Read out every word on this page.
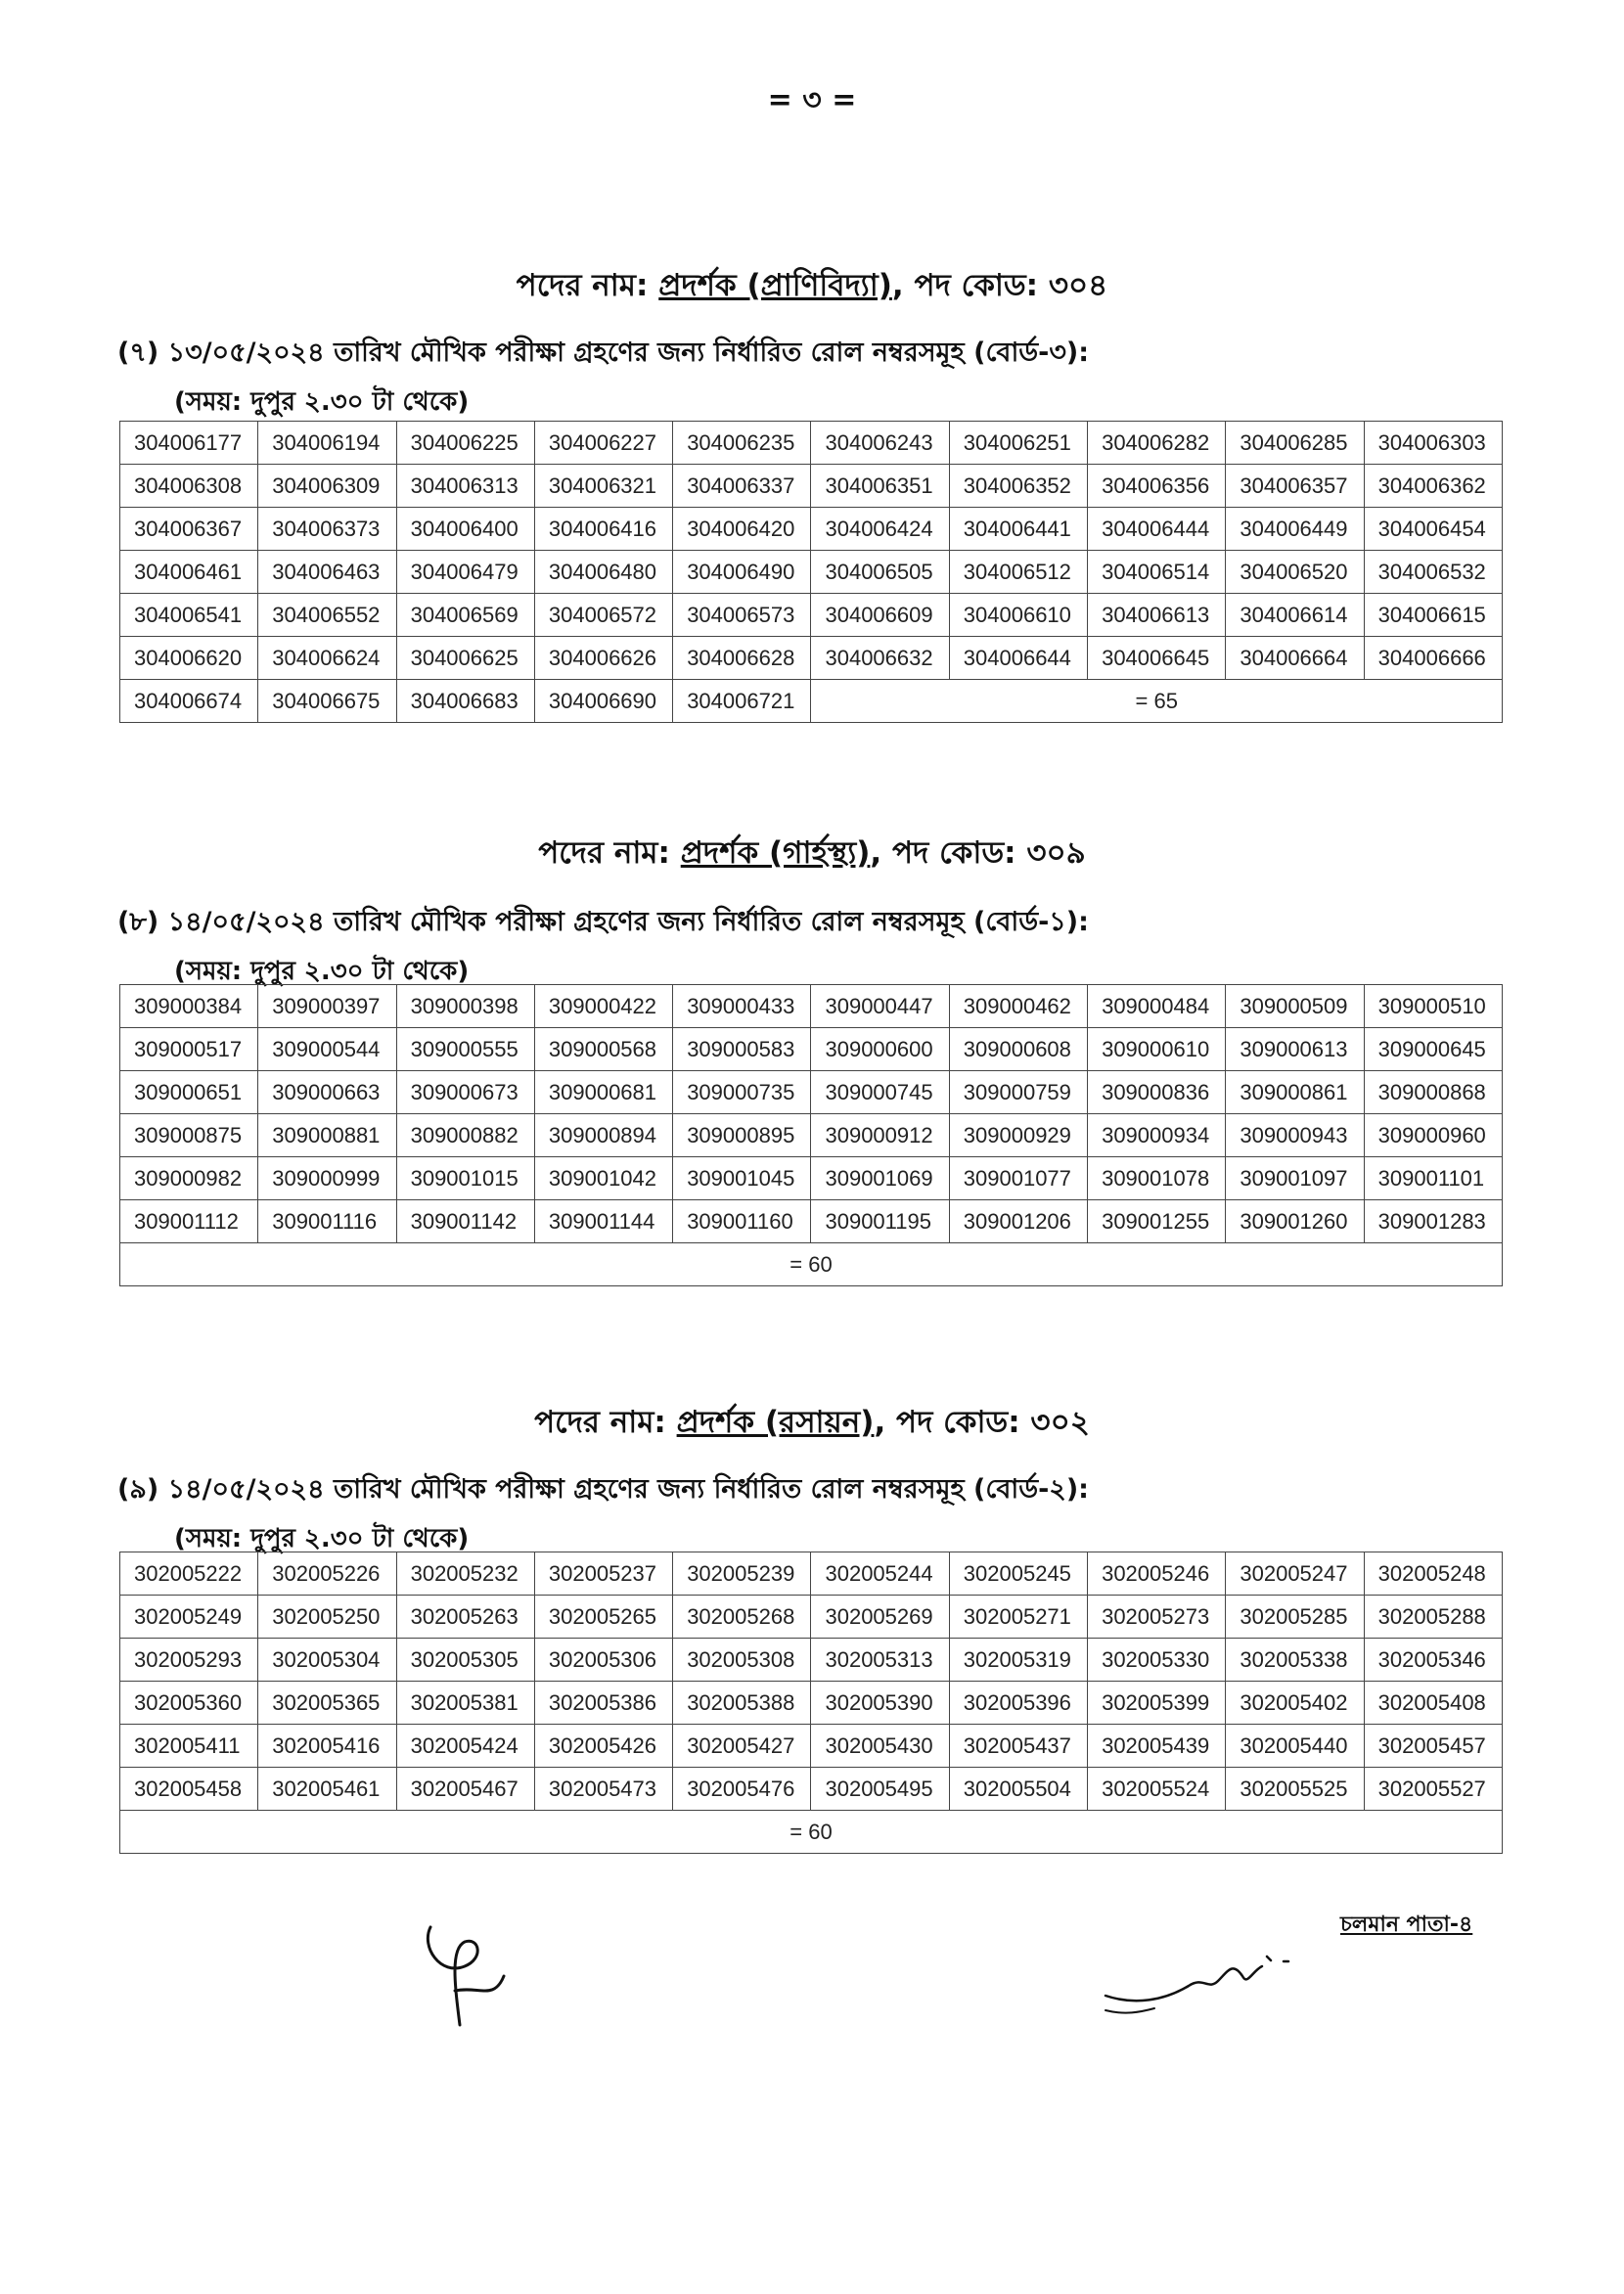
= ৩ =
পদের নাম: প্রদর্শক (প্রাণিবিদ্যা), পদ কোড: ৩০৪
(৭) ১৩/০৫/২০২৪ তারিখ মৌখিক পরীক্ষা গ্রহণের জন্য নির্ধারিত রোল নম্বরসমূহ (বোর্ড-৩):
(সময়: দুপুর ২.৩০ টা থেকে)
304006177	304006194	304006225	304006227	304006235	304006243	304006251	304006282	304006285	304006303
304006308	304006309	304006313	304006321	304006337	304006351	304006352	304006356	304006357	304006362
304006367	304006373	304006400	304006416	304006420	304006424	304006441	304006444	304006449	304006454
304006461	304006463	304006479	304006480	304006490	304006505	304006512	304006514	304006520	304006532
304006541	304006552	304006569	304006572	304006573	304006609	304006610	304006613	304006614	304006615
304006620	304006624	304006625	304006626	304006628	304006632	304006644	304006645	304006664	304006666
304006674	304006675	304006683	304006690	304006721	= 65				
পদের নাম: প্রদর্শক (গার্হস্থ্য), পদ কোড: ৩০৯
(৮) ১৪/০৫/২০২৪ তারিখ মৌখিক পরীক্ষা গ্রহণের জন্য নির্ধারিত রোল নম্বরসমূহ (বোর্ড-১):
(সময়: দুপুর ২.৩০ টা থেকে)
309000384	309000397	309000398	309000422	309000433	309000447	309000462	309000484	309000509	309000510
309000517	309000544	309000555	309000568	309000583	309000600	309000608	309000610	309000613	309000645
309000651	309000663	309000673	309000681	309000735	309000745	309000759	309000836	309000861	309000868
309000875	309000881	309000882	309000894	309000895	309000912	309000929	309000934	309000943	309000960
309000982	309000999	309001015	309001042	309001045	309001069	309001077	309001078	309001097	309001101
309001112	309001116	309001142	309001144	309001160	309001195	309001206	309001255	309001260	309001283
= 60									
পদের নাম: প্রদর্শক (রসায়ন), পদ কোড: ৩০২
(৯) ১৪/০৫/২০২৪ তারিখ মৌখিক পরীক্ষা গ্রহণের জন্য নির্ধারিত রোল নম্বরসমূহ (বোর্ড-২):
(সময়: দুপুর ২.৩০ টা থেকে)
302005222	302005226	302005232	302005237	302005239	302005244	302005245	302005246	302005247	302005248
302005249	302005250	302005263	302005265	302005268	302005269	302005271	302005273	302005285	302005288
302005293	302005304	302005305	302005306	302005308	302005313	302005319	302005330	302005338	302005346
302005360	302005365	302005381	302005386	302005388	302005390	302005396	302005399	302005402	302005408
302005411	302005416	302005424	302005426	302005427	302005430	302005437	302005439	302005440	302005457
302005458	302005461	302005467	302005473	302005476	302005495	302005504	302005524	302005525	302005527
= 60									
চলমান পাতা-৪
